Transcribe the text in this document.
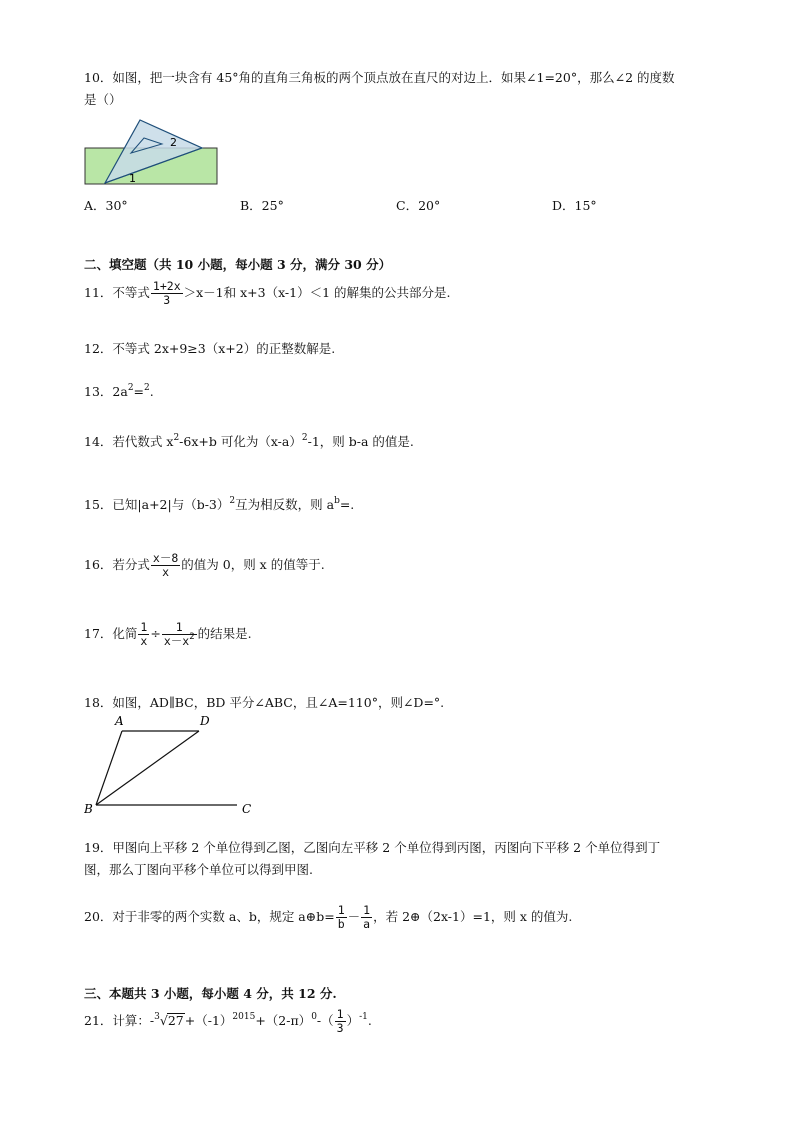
10．如图，把一块含有 45°角的直角三角板的两个顶点放在直尺的对边上．如果∠1=20°，那么∠2 的度数
是（）
2
1
A．30°	B．25°	C．20°	D．15°
二、填空题（共 10 小题，每小题 3 分，满分 30 分）
11．不等式 $\frac{1+2x}{3} >x-1$和 x+3（x-1）＜1 的解集的公共部分是.
12．不等式 2x+9≥3（x+2）的正整数解是.
13．$2a^2=^2$.
14．若代数式 $x^2-6x+b$ 可化为$(x-a)^2-1$，则 b-a 的值是.
15．已知|a+2|与$(b-3)^2$互为相反数，则 $a^b=$.
16．若分式 $\frac{x-8}{x}$ 的值为 0，则 x 的值等于.
17．化简 $\frac{1}{x} \div \frac{1}{x-x^2}$ 的结果是.
18．如图，AD∥BC，BD 平分∠ABC，且∠A=110°，则∠D=°.
A	D
B	C
19．甲图向上平移 2 个单位得到乙图，乙图向左平移 2 个单位得到丙图，丙图向下平移 2 个单位得到丁
图，那么丁图向平移个单位可以得到甲图.
20．对于非零的两个实数 a、b，规定 a⊕b= $\frac{1}{b} - \frac{1}{a}$ ，若 2⊕（2x-1）=1，则 x 的值为.
三、本题共 3 小题，每小题 4 分，共 12 分.
21．计算：$-^3√27+(-1)^{2015}+(2-\pi)^0-( \frac{1}{3} )^{-1}$.
